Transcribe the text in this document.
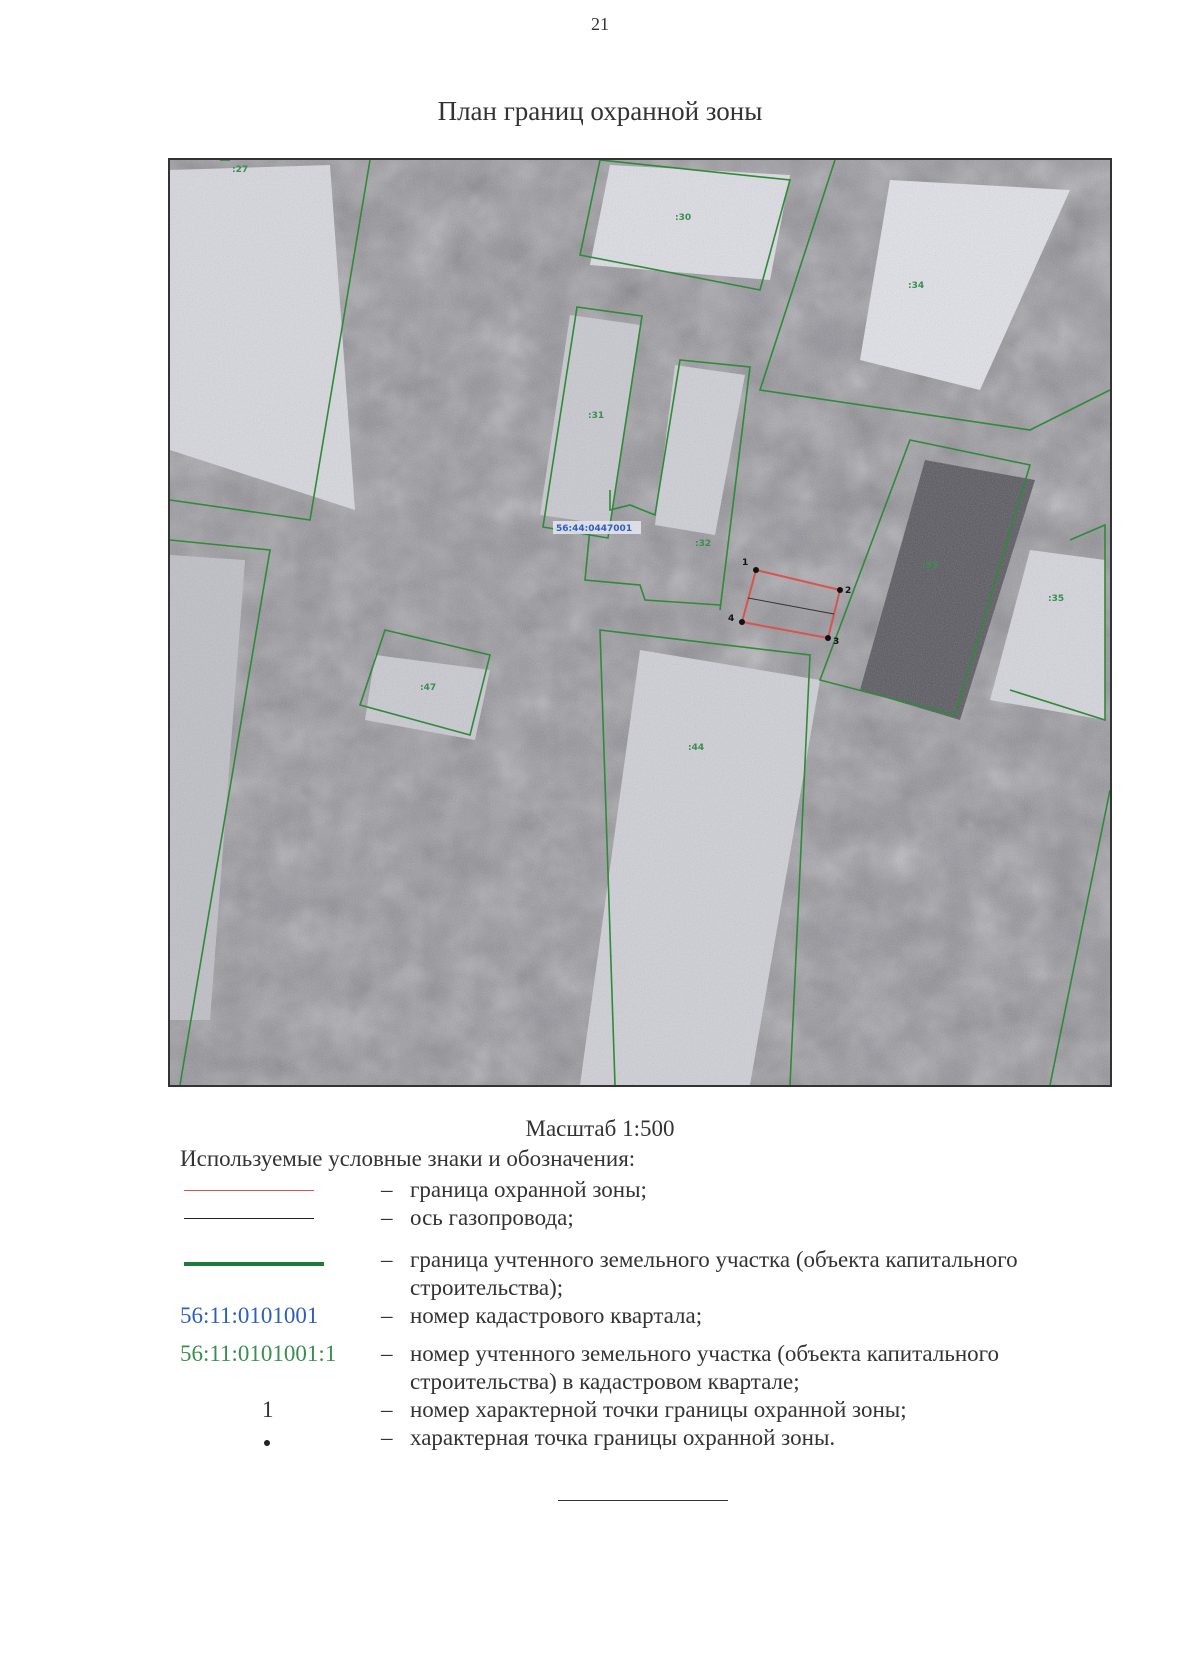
21
План границ охранной зоны
1
2
3
4
:27
:30
:34
:31
:32
:33
:35
:47
:44
56:44:0447001
Масштаб 1:500
Используемые условные знаки и обозначения:
– граница охранной зоны;
– ось газопровода;
– граница учтенного земельного участка (объекта капитального строительства);
56:11:0101001	– номер кадастрового квартала;
56:11:0101001:1	– номер учтенного земельного участка (объекта капитального строительства) в кадастровом квартале;
1	– номер характерной точки границы охранной зоны;
– характерная точка границы охранной зоны.
